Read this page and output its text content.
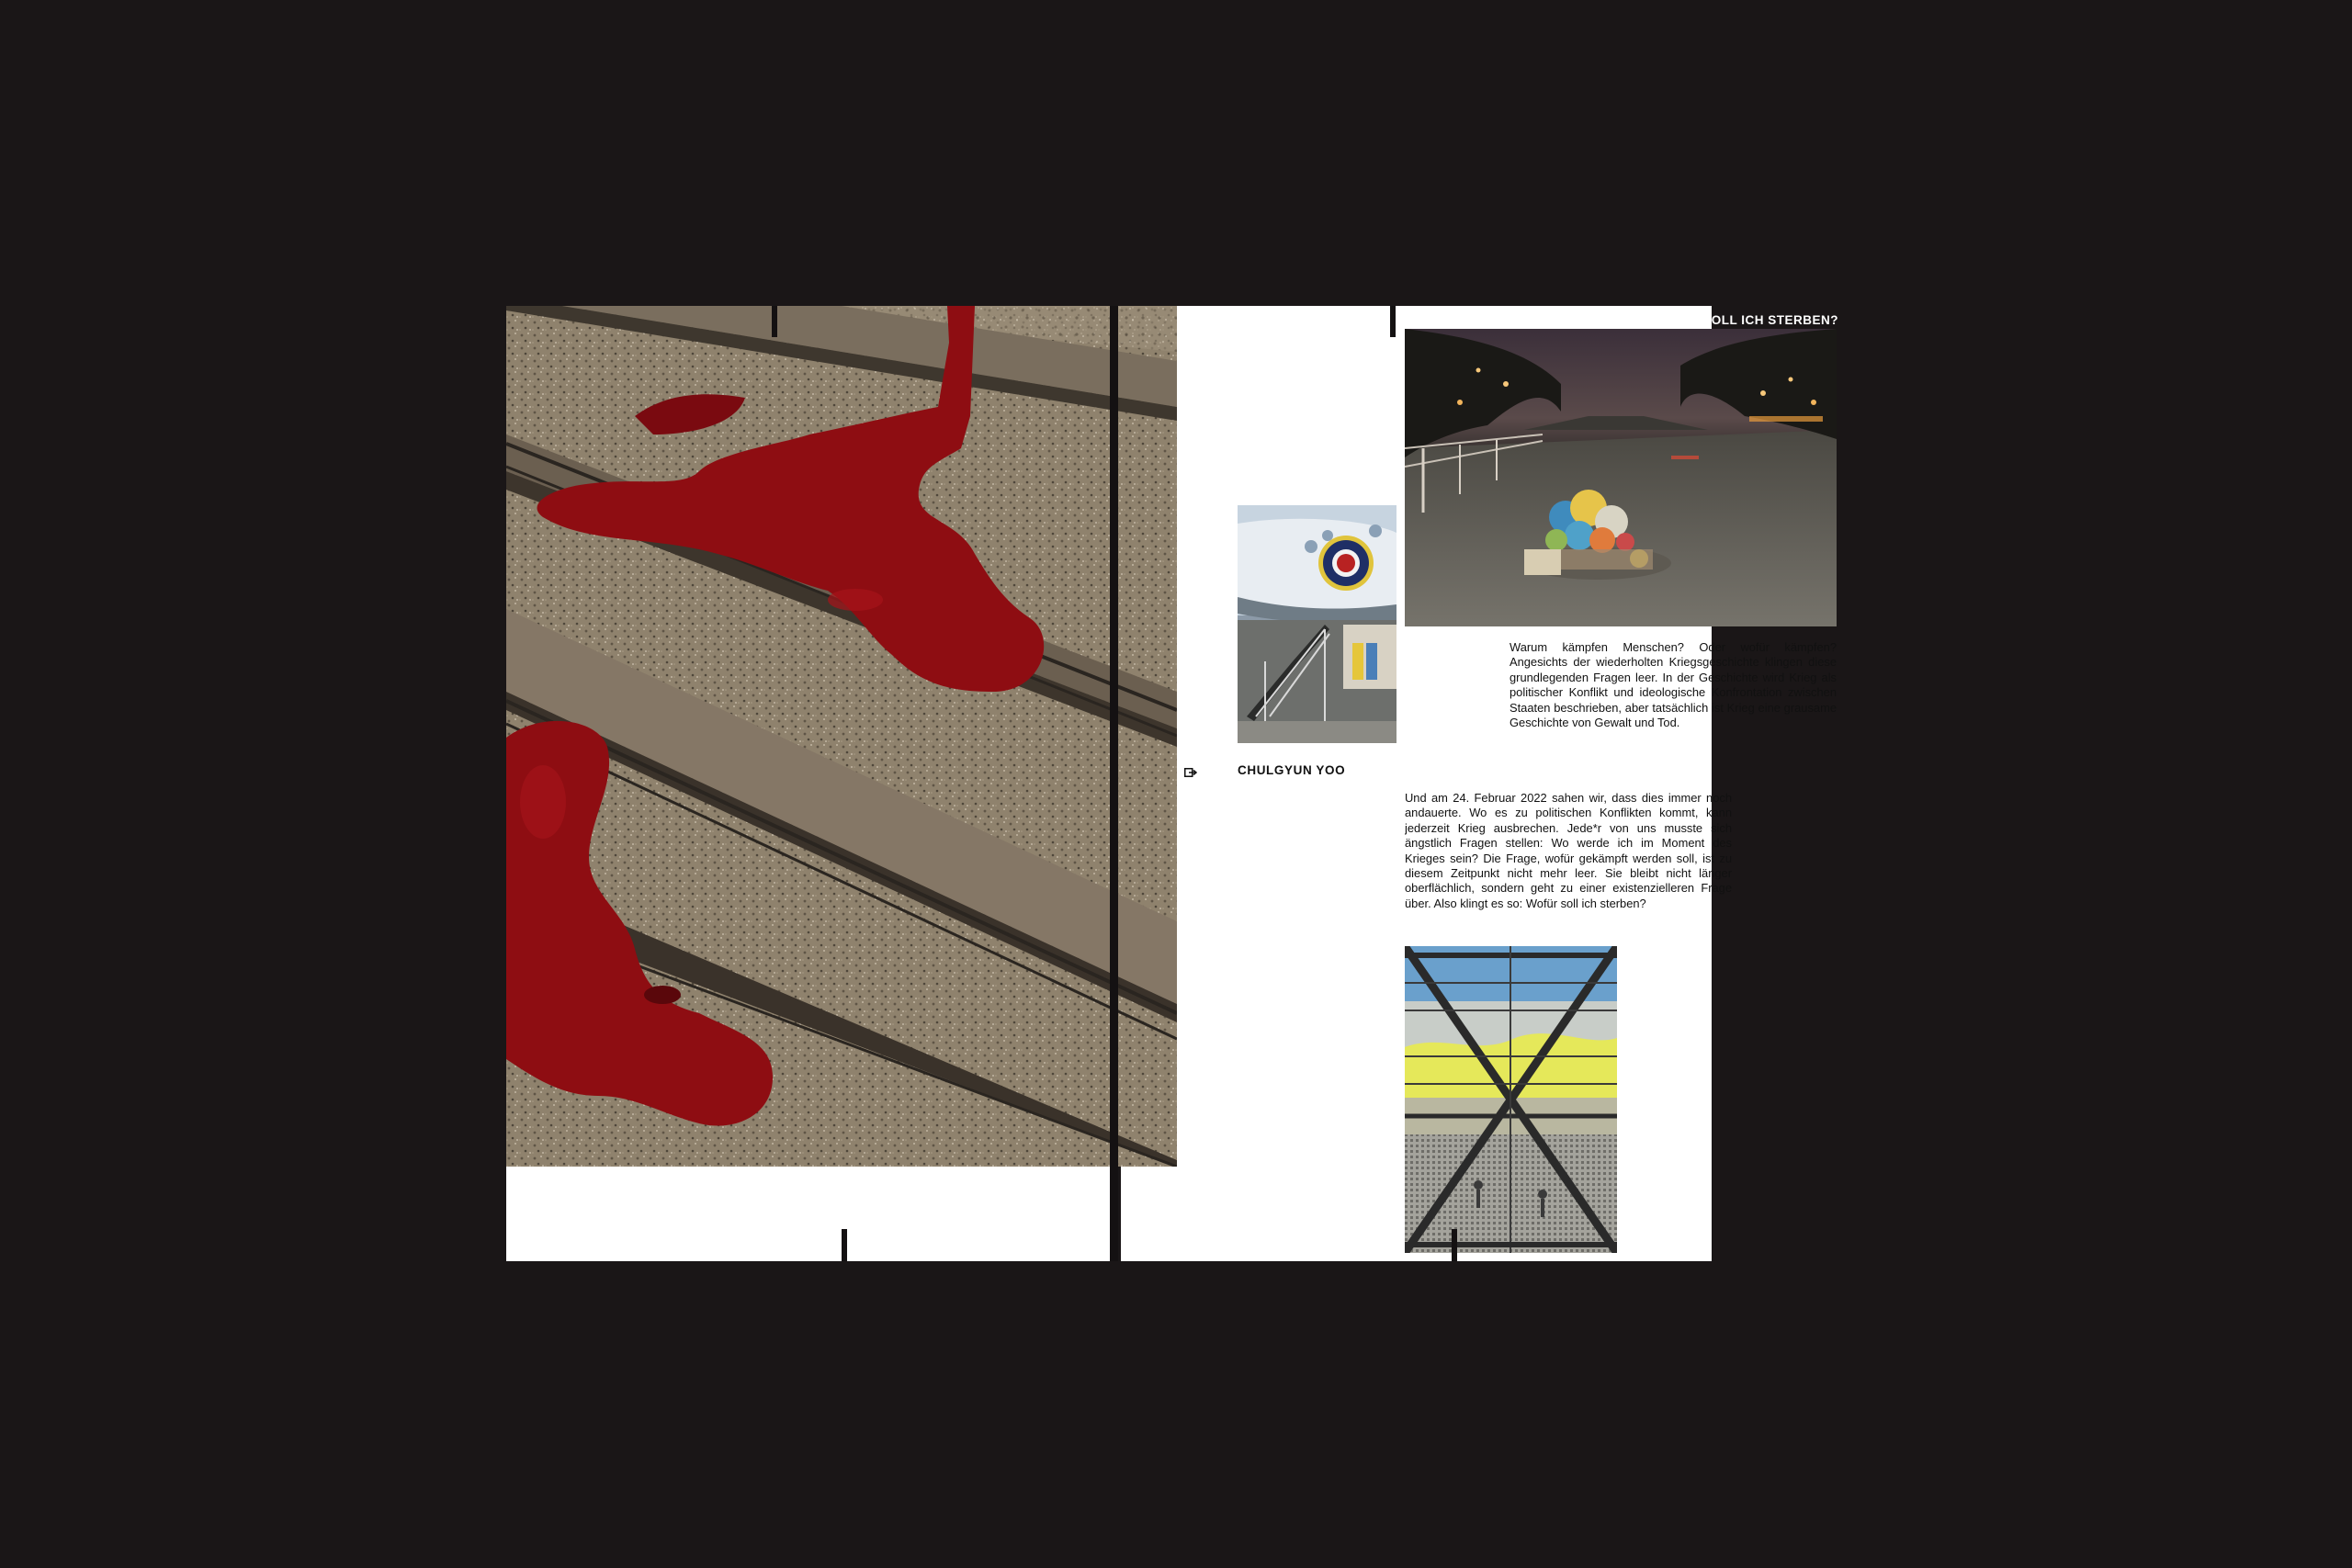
WOFÜR SOLL ICH STERBEN?
Warum kämpfen Menschen? Oder wofür kämpfen? Angesichts der wiederholten Kriegsgeschichte klingen diese grundlegenden Fragen leer. In der Geschichte wird Krieg als politischer Konflikt und ideologische Konfrontation zwischen Staaten beschrieben, aber tatsächlich ist Krieg eine grausame Geschichte von Gewalt und Tod.
CHULGYUN YOO
Und am 24. Februar 2022 sahen wir, dass dies immer noch andauerte. Wo es zu politischen Konflikten kommt, kann jederzeit Krieg ausbrechen. Jede*r von uns musste sich ängstlich Fragen stellen: Wo werde ich im Moment des Krieges sein? Die Frage, wofür gekämpft werden soll, ist zu diesem Zeitpunkt nicht mehr leer. Sie bleibt nicht länger oberflächlich, sondern geht zu einer existenzielleren Frage über. Also klingt es so: Wofür soll ich sterben?
